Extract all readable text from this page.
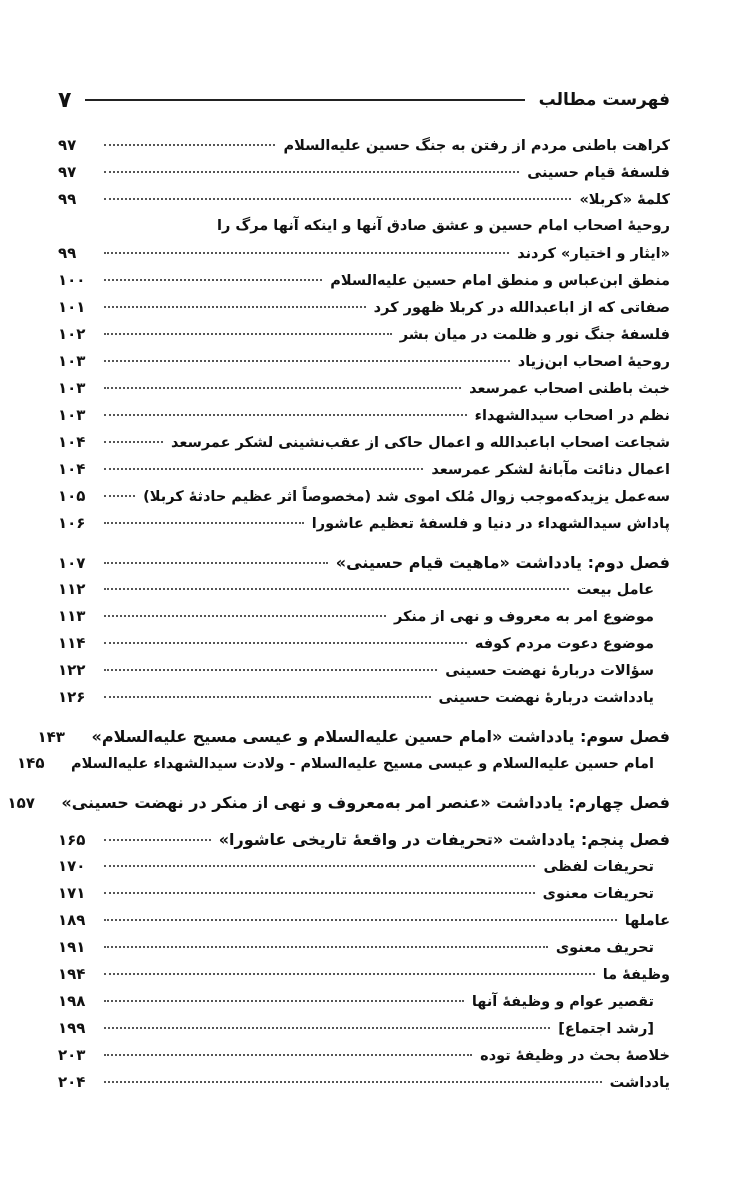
فهرست مطالب
۷
کراهت باطنی مردم از رفتن به جنگ حسین علیه‌السلام
۹۷
فلسفهٔ قیام حسینی
۹۷
کلمهٔ «کربلا»
۹۹
روحیهٔ اصحاب امام حسین و عشق صادق آنها و اینکه آنها مرگ را
«ایثار و اختیار» کردند
۹۹
منطق ابن‌عباس و منطق امام حسین علیه‌السلام
۱۰۰
صفاتی که از اباعبدالله در کربلا ظهور کرد
۱۰۱
فلسفهٔ جنگ نور و ظلمت در میان بشر
۱۰۲
روحیهٔ اصحاب ابن‌زیاد
۱۰۳
خبث باطنی اصحاب عمرسعد
۱۰۳
نظم در اصحاب سیدالشهداء
۱۰۳
شجاعت اصحاب اباعبدالله و اعمال حاکی از عقب‌نشینی لشکر عمرسعد
۱۰۴
اعمال دنائت مآبانهٔ لشکر عمرسعد
۱۰۴
سه‌عمل یزیدکه‌موجب زوال مُلک اموی شد (مخصوصاً اثر عظیم حادثهٔ کربلا)
۱۰۵
پاداش سیدالشهداء در دنیا و فلسفهٔ تعظیم عاشورا
۱۰۶
فصل دوم: یادداشت «ماهیت قیام حسینی»
۱۰۷
عامل بیعت
۱۱۲
موضوع امر به معروف و نهی از منکر
۱۱۳
موضوع دعوت مردم کوفه
۱۱۴
سؤالات دربارهٔ نهضت حسینی
۱۲۲
یادداشت دربارهٔ نهضت حسینی
۱۲۶
فصل سوم: یادداشت «امام حسین علیه‌السلام و عیسی مسیح علیه‌السلام»
۱۴۳
امام حسین علیه‌السلام و عیسی مسیح علیه‌السلام - ولادت سیدالشهداء علیه‌السلام
۱۴۵
فصل چهارم: یادداشت «عنصر امر به‌معروف و نهی از منکر در نهضت حسینی»
۱۵۷
فصل پنجم: یادداشت «تحریفات در واقعهٔ تاریخی عاشورا»
۱۶۵
تحریفات لفظی
۱۷۰
تحریفات معنوی
۱۷۱
عاملها
۱۸۹
تحریف معنوی
۱۹۱
وظیفهٔ ما
۱۹۴
تقصیر عوام و وظیفهٔ آنها
۱۹۸
[رشد اجتماع]
۱۹۹
خلاصهٔ بحث در وظیفهٔ توده
۲۰۳
یادداشت
۲۰۴
